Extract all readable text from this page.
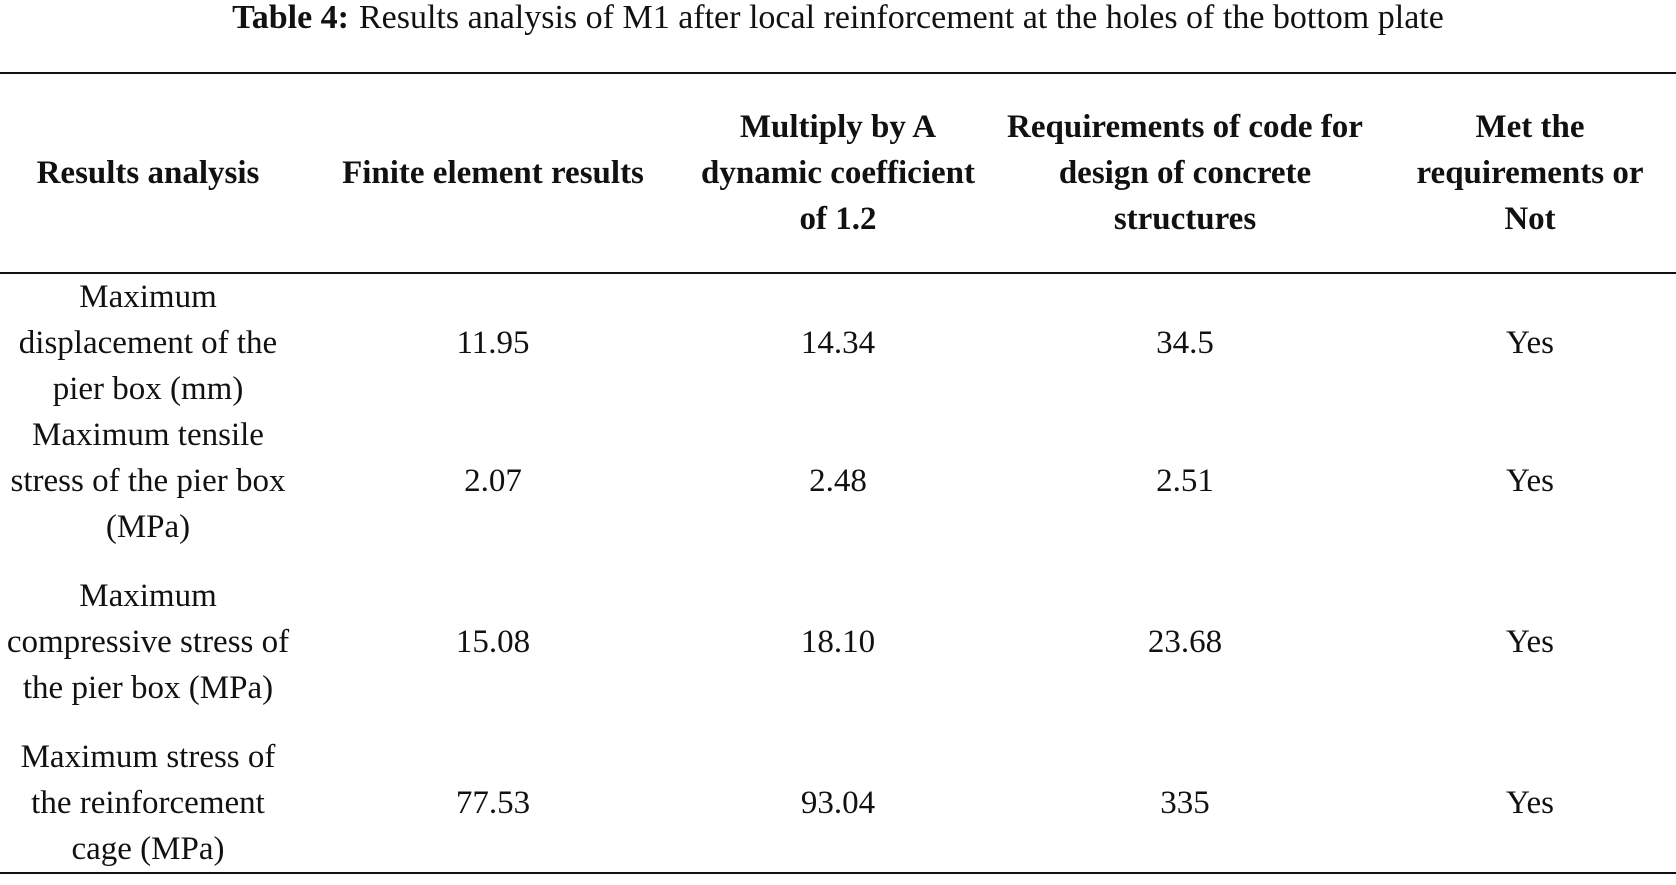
Table 4: Results analysis of M1 after local reinforcement at the holes of the bottom plate
Results analysis	Finite element results	Multiply by A dynamic coefficient of 1.2	Requirements of code for design of concrete structures	Met the requirements or Not
Maximum displacement of the pier box (mm)	11.95	14.34	34.5	Yes
Maximum tensile stress of the pier box (MPa)	2.07	2.48	2.51	Yes
Maximum compressive stress of the pier box (MPa)	15.08	18.10	23.68	Yes
Maximum stress of the reinforcement cage (MPa)	77.53	93.04	335	Yes
